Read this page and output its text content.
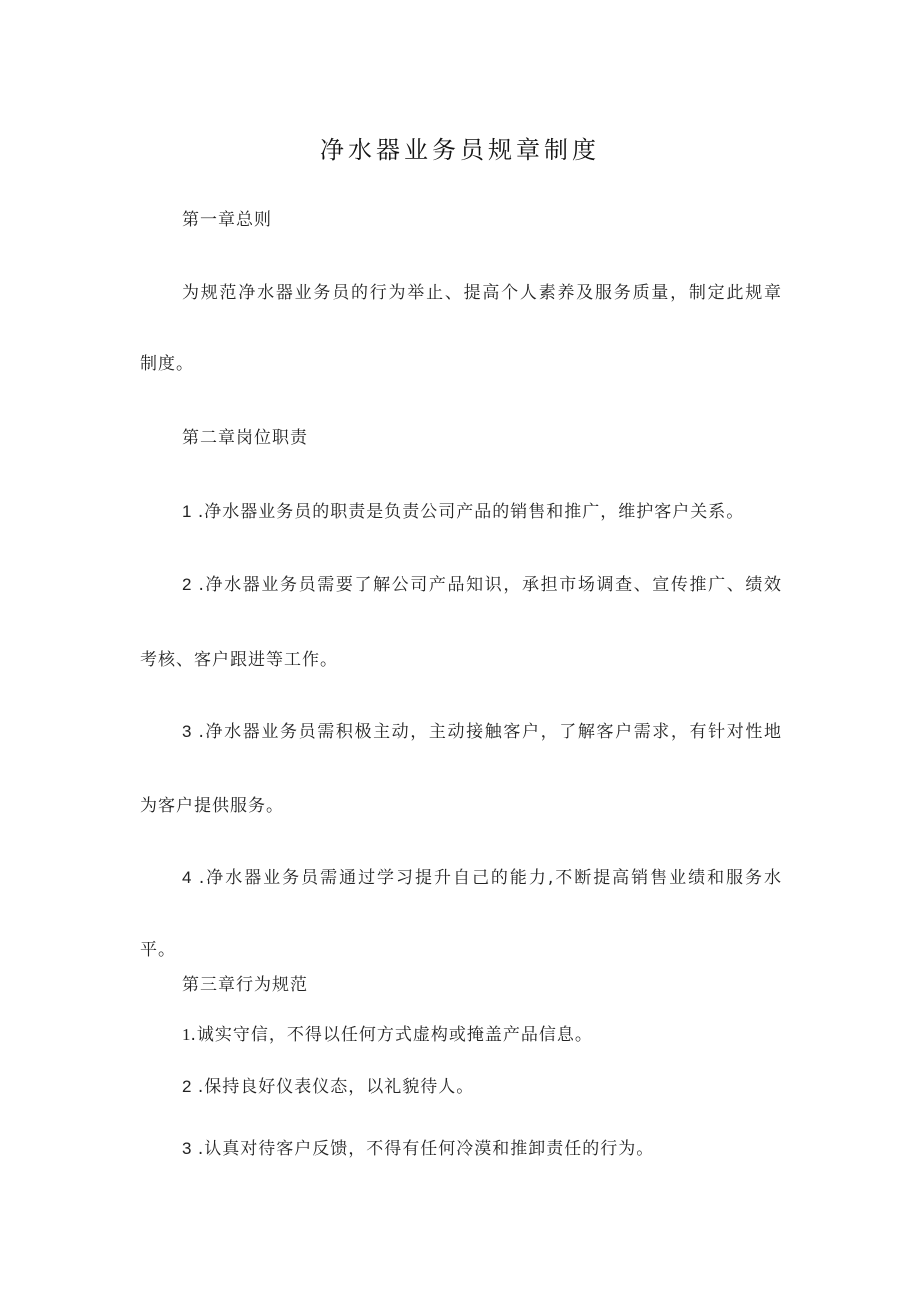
净水器业务员规章制度
第一章总则
为规范净水器业务员的行为举止、提高个人素养及服务质量，制定此规章
制度。
第二章岗位职责
1 .净水器业务员的职责是负责公司产品的销售和推广，维护客户关系。
2 .净水器业务员需要了解公司产品知识，承担市场调查、宣传推广、绩效
考核、客户跟进等工作。
3 .净水器业务员需积极主动，主动接触客户，了解客户需求，有针对性地
为客户提供服务。
4 .净水器业务员需通过学习提升自己的能力,不断提高销售业绩和服务水
平。
第三章行为规范
1.诚实守信，不得以任何方式虚构或掩盖产品信息。
2 .保持良好仪表仪态，以礼貌待人。
3 .认真对待客户反馈，不得有任何冷漠和推卸责任的行为。
